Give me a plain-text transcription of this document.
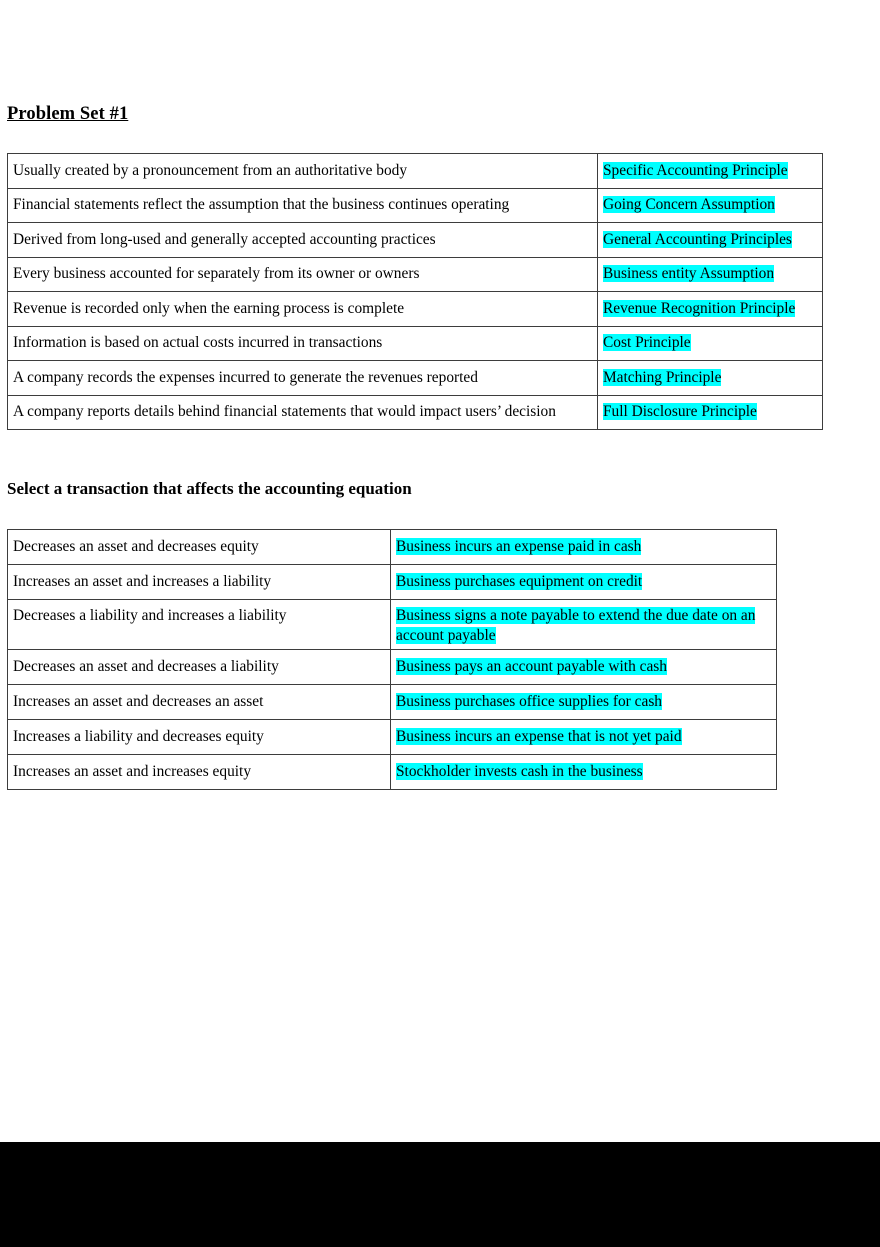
Problem Set #1
Usually created by a pronouncement from an authoritative body	Specific Accounting Principle
Financial statements reflect the assumption that the business continues operating	Going Concern Assumption
Derived from long-used and generally accepted accounting practices	General Accounting Principles
Every business accounted for separately from its owner or owners	Business entity Assumption
Revenue is recorded only when the earning process is complete	Revenue Recognition Principle
Information is based on actual costs incurred in transactions	Cost Principle
A company records the expenses incurred to generate the revenues reported	Matching Principle
A company reports details behind financial statements that would impact users’ decision	Full Disclosure Principle
Select a transaction that affects the accounting equation
Decreases an asset and decreases equity	Business incurs an expense paid in cash
Increases an asset and increases a liability	Business purchases equipment on credit
Decreases a liability and increases a liability	Business signs a note payable to extend the due date on an account payable

Decreases an asset and decreases a liability	Business pays an account payable with cash
Increases an asset and decreases an asset	Business purchases office supplies for cash
Increases a liability and decreases equity	Business incurs an expense that is not yet paid
Increases an asset and increases equity	Stockholder invests cash in the business
